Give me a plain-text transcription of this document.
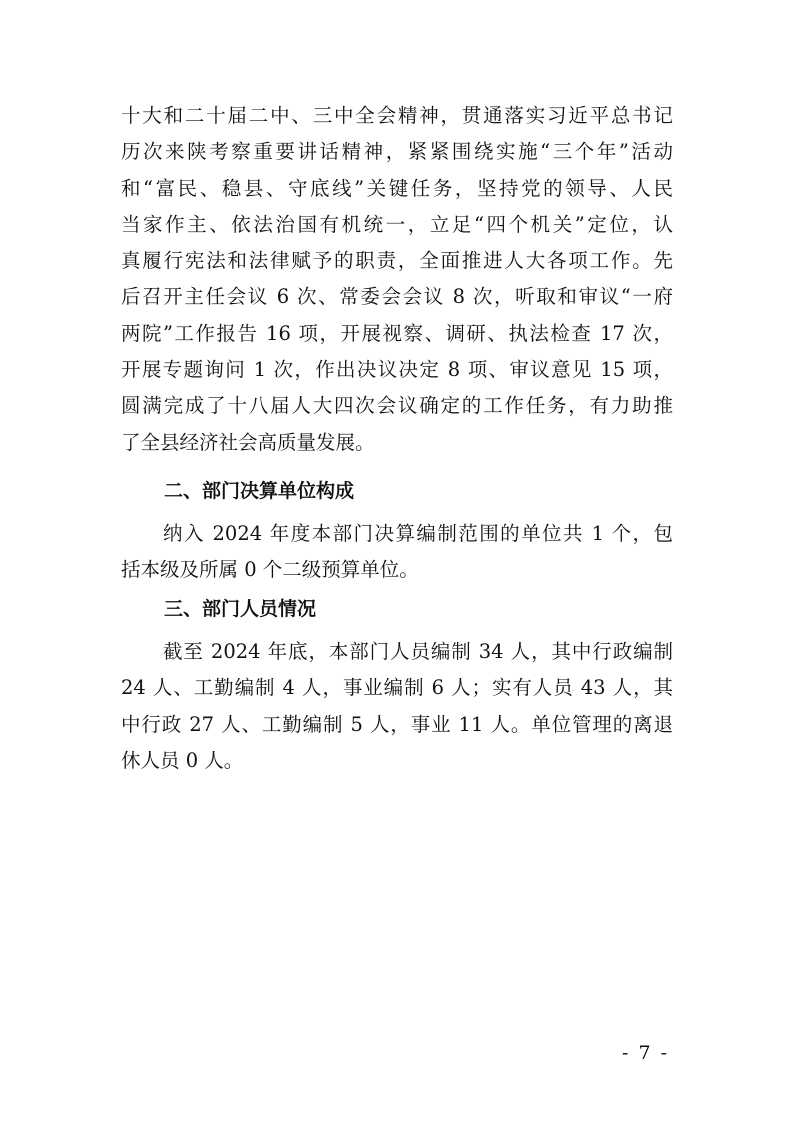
十大和二十届二中、三中全会精神，贯通落实习近平总书记
历次来陕考察重要讲话精神，紧紧围绕实施“三个年”活动
和“富民、稳县、守底线”关键任务，坚持党的领导、人民
当家作主、依法治国有机统一，立足“四个机关”定位，认
真履行宪法和法律赋予的职责，全面推进人大各项工作。先
后召开主任会议 6 次、常委会会议 8 次，听取和审议“一府
两院”工作报告 16 项，开展视察、调研、执法检查 17 次，
开展专题询问 1 次，作出决议决定 8 项、审议意见 15 项，
圆满完成了十八届人大四次会议确定的工作任务，有力助推
了全县经济社会高质量发展。
二、部门决算单位构成
纳入 2024 年度本部门决算编制范围的单位共 1 个，包
括本级及所属 0 个二级预算单位。
三、部门人员情况
截至 2024 年底，本部门人员编制 34 人，其中行政编制
24 人、工勤编制 4 人，事业编制 6 人；实有人员 43 人，其
中行政 27 人、工勤编制 5 人，事业 11 人。单位管理的离退
休人员 0 人。
- 7 -
